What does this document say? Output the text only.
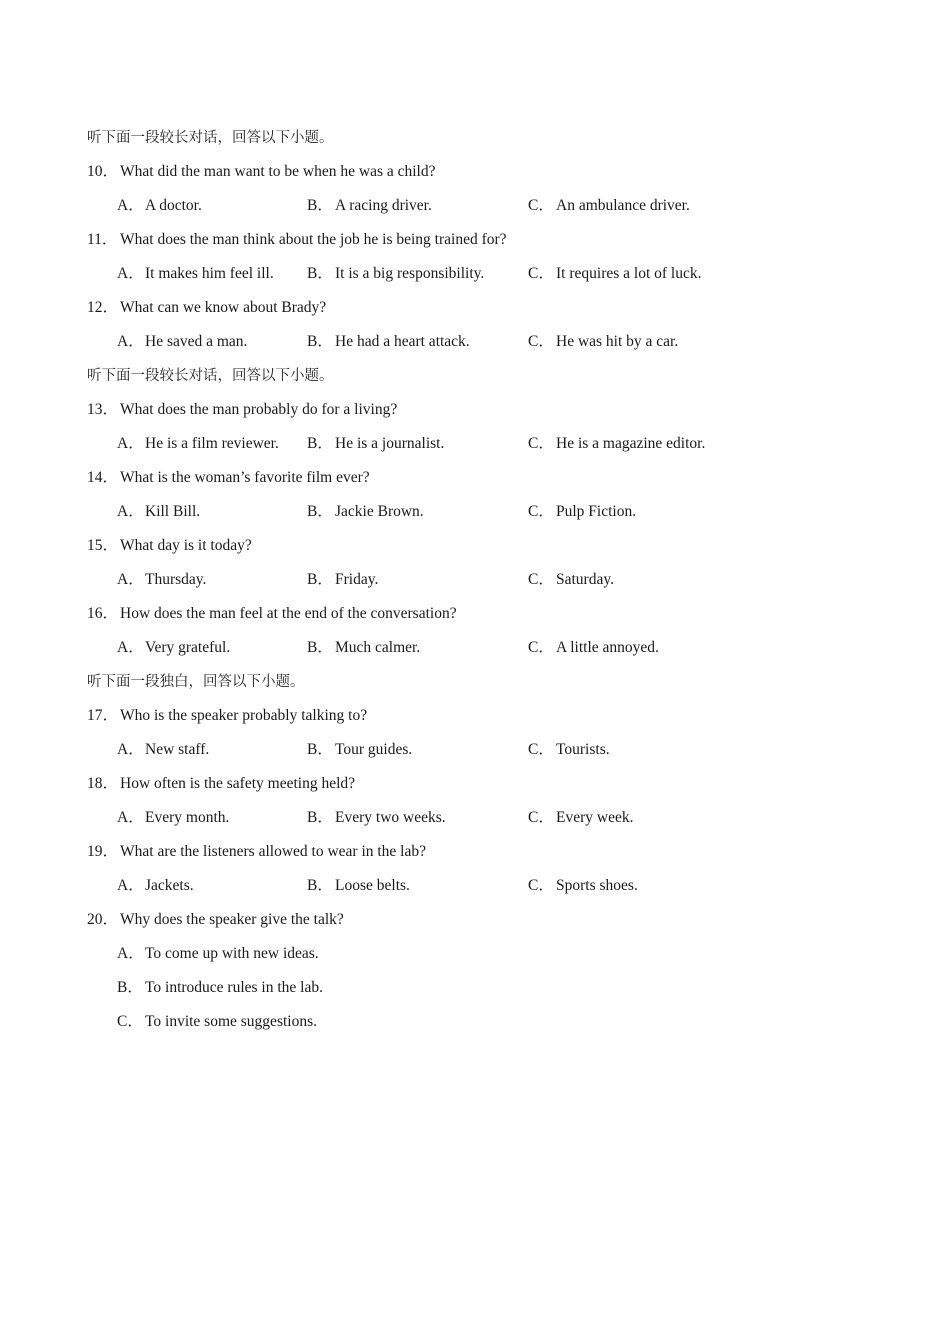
听下面一段较长对话，回答以下小题。
10． What did the man want to be when he was a child?
A．A doctor.	B． A racing driver.	C． An ambulance driver.
11． What does the man think about the job he is being trained for?
A．It makes him feel ill. B． It is a big responsibility.	C． It requires a lot of luck.
12． What can we know about Brady?
A．He saved a man.	B． He had a heart attack.	C． He was hit by a car.
听下面一段较长对话，回答以下小题。
13． What does the man probably do for a living?
A．He is a film reviewer. B． He is a journalist.	C． He is a magazine editor.
14． What is the woman’s favorite film ever?
A．Kill Bill.	B． Jackie Brown.	C． Pulp Fiction.
15． What day is it today?
A．Thursday.	B． Friday.	C． Saturday.
16． How does the man feel at the end of the conversation?
A．Very grateful.	B． Much calmer.	C． A little annoyed.
听下面一段独白，回答以下小题。
17． Who is the speaker probably talking to?
A．New staff.	B． Tour guides.	C． Tourists.
18． How often is the safety meeting held?
A．Every month.	B． Every two weeks.	C． Every week.
19． What are the listeners allowed to wear in the lab?
A．Jackets.	B． Loose belts.	C． Sports shoes.
20． Why does the speaker give the talk?
A．To come up with new ideas.
B． To introduce rules in the lab.
C． To invite some suggestions.
